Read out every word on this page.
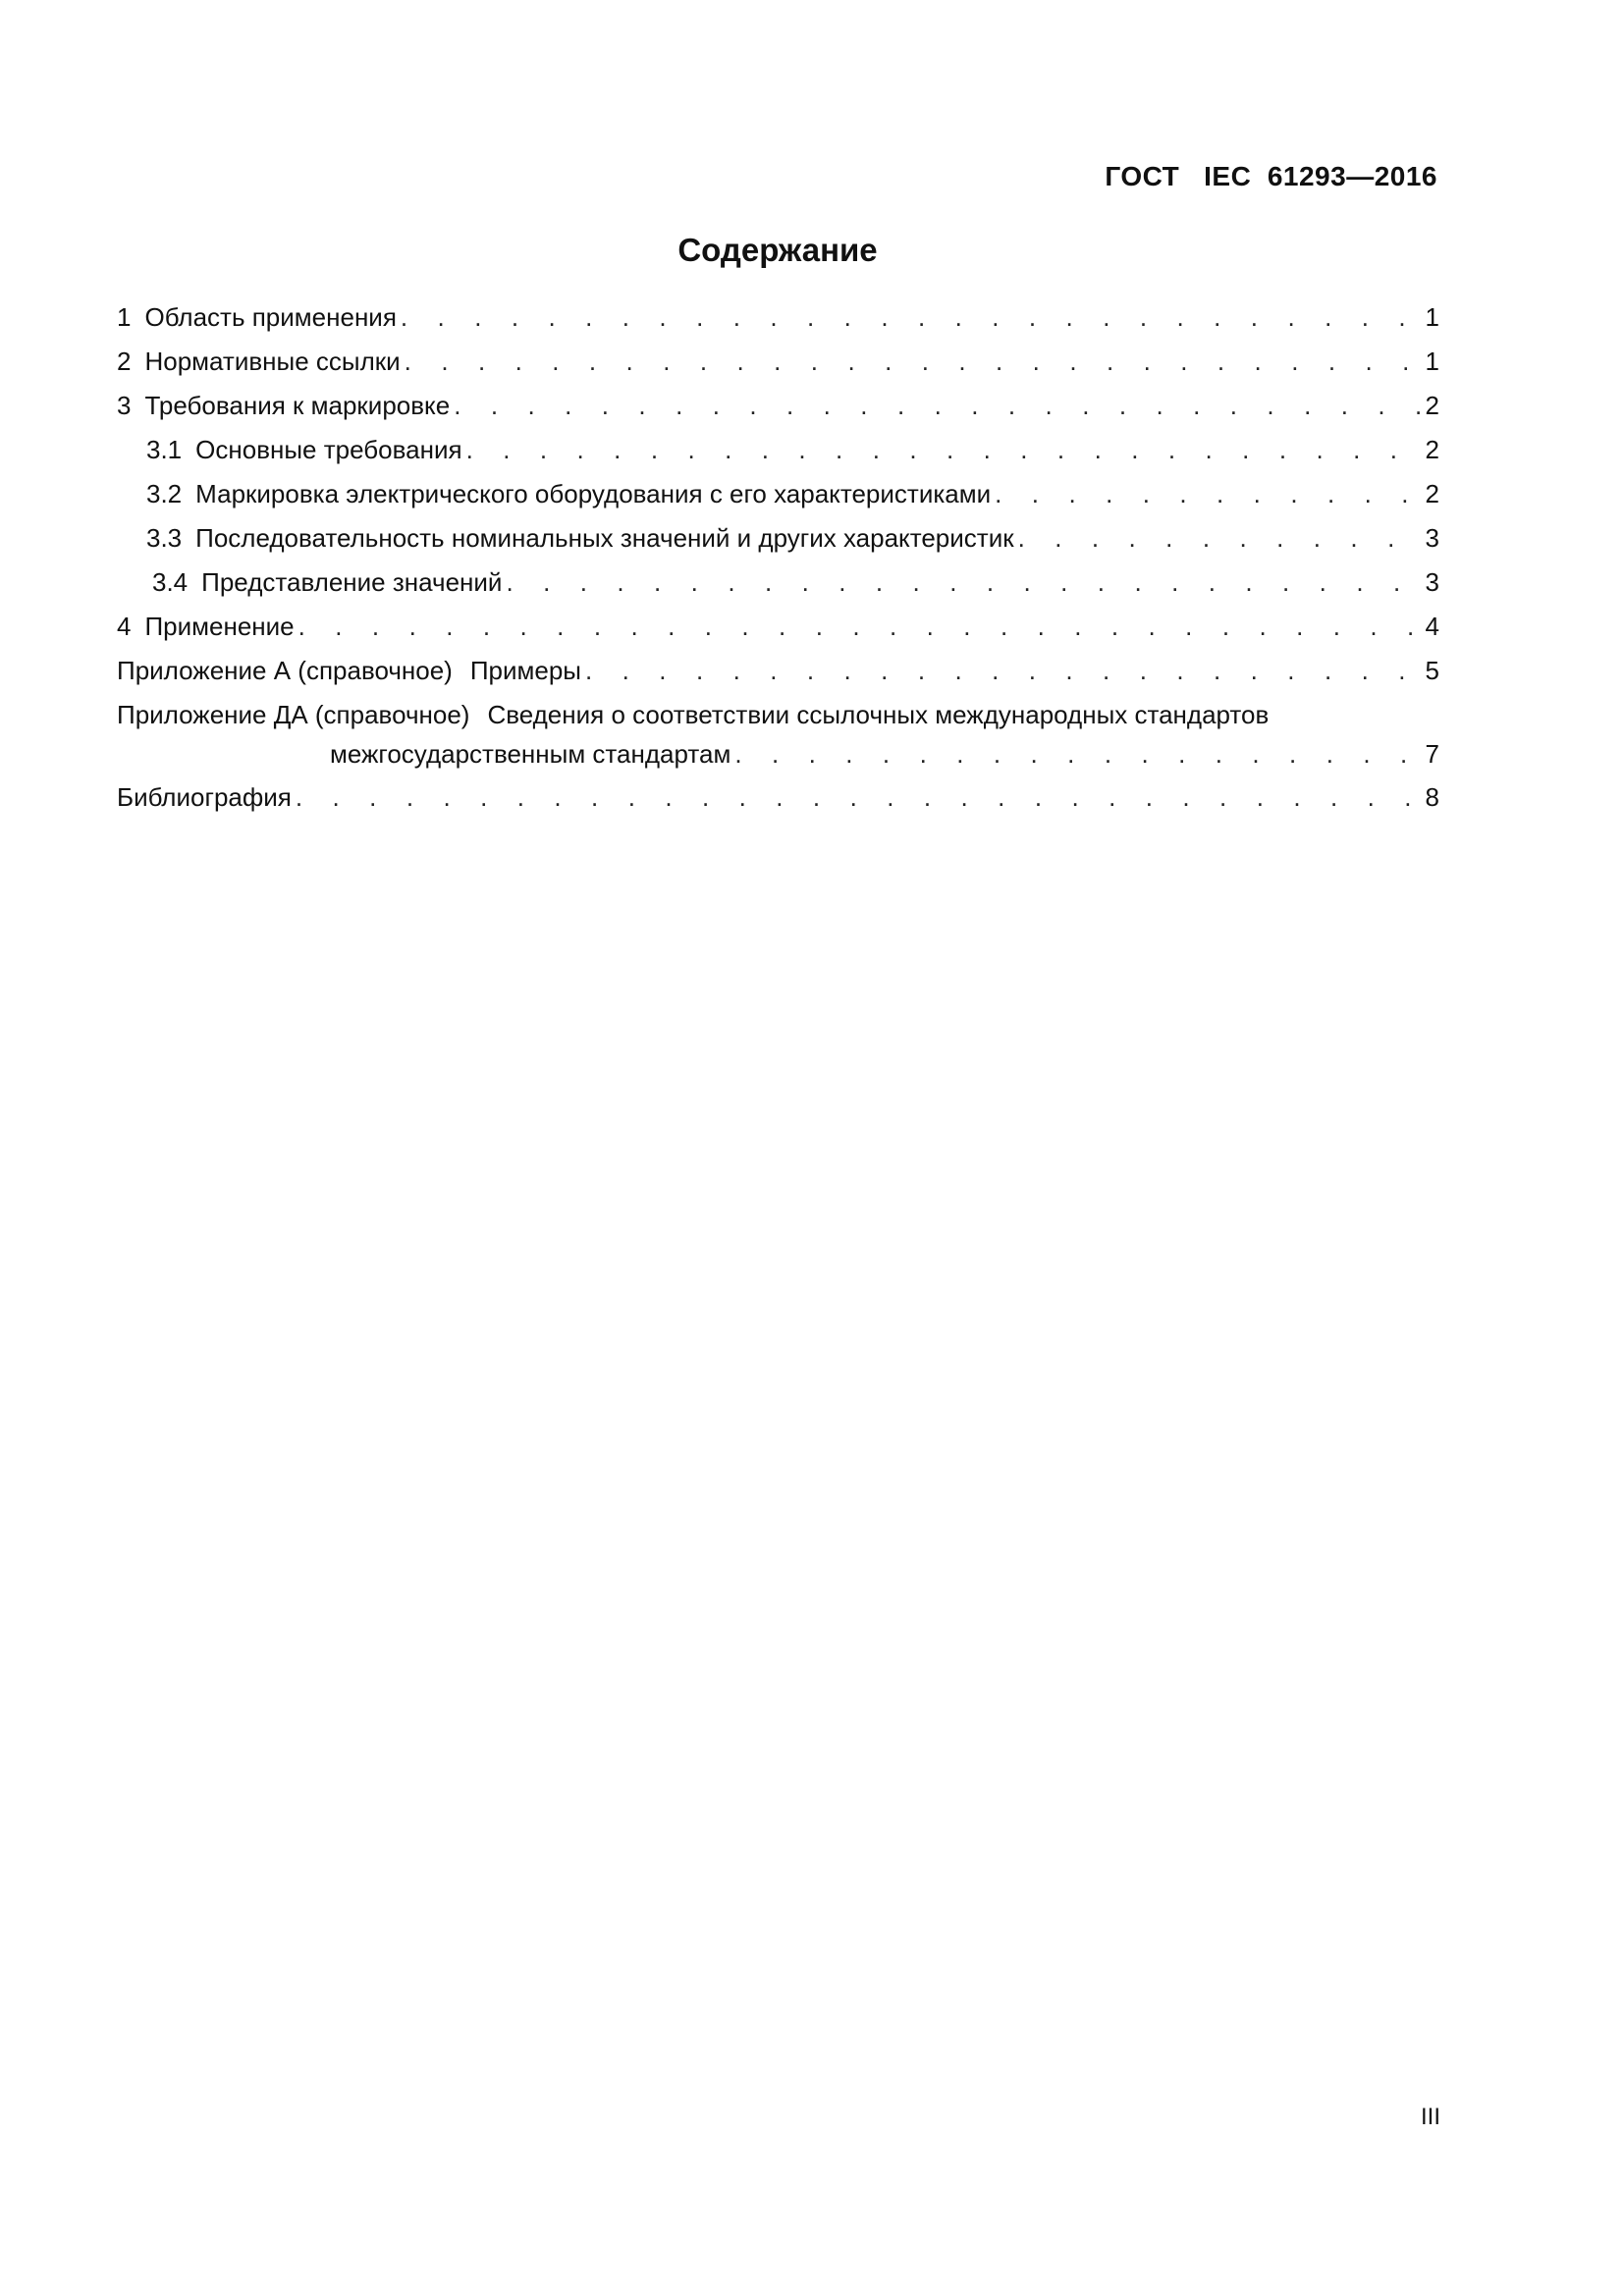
ГОСТ   IEC  61293—2016
Содержание
1 Область применения . . .	1
2 Нормативные ссылки . . .	1
3 Требования к маркировке . . .	2
3.1 Основные требования . . .	2
3.2 Маркировка электрического оборудования с его характеристиками . . .	2
3.3 Последовательность номинальных значений и других характеристик . . .	3
3.4 Представление значений . . .	3
4 Применение . . .	4
Приложение А (справочное) Примеры . . .	5
Приложение ДА (справочное) Сведения о соответствии ссылочных международных стандартов
межгосударственным стандартам . . .	7
Библиография . . .	8
III
